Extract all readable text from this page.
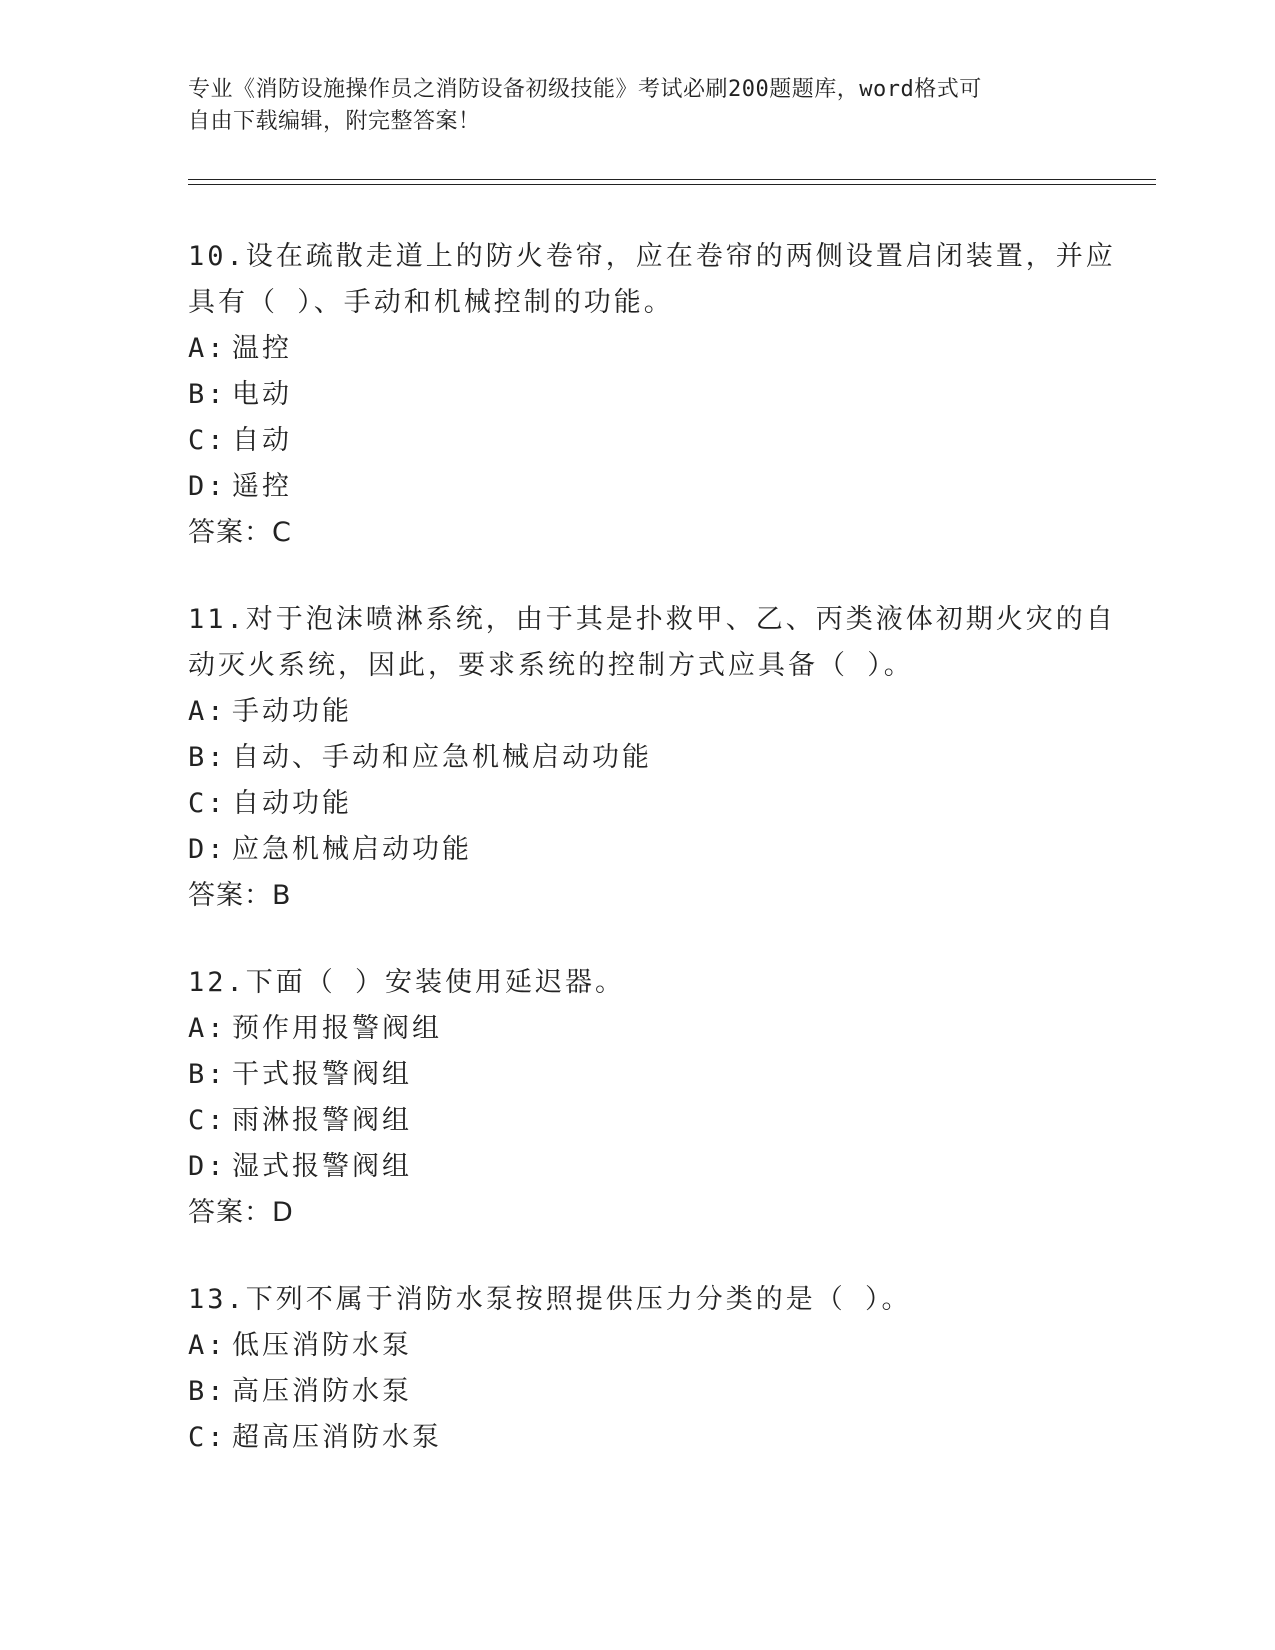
专业《消防设施操作员之消防设备初级技能》考试必刷200题题库，word格式可
自由下载编辑，附完整答案！
10.设在疏散走道上的防火卷帘，应在卷帘的两侧设置启闭装置，并应
具有（ ）、手动和机械控制的功能。
A: 温控
B: 电动
C: 自动
D: 遥控
答案：C
11.对于泡沫喷淋系统，由于其是扑救甲、乙、丙类液体初期火灾的自
动灭火系统，因此，要求系统的控制方式应具备（ ）。
A: 手动功能
B: 自动、手动和应急机械启动功能
C: 自动功能
D: 应急机械启动功能
答案：B
12.下面（ ）安装使用延迟器。
A: 预作用报警阀组
B: 干式报警阀组
C: 雨淋报警阀组
D: 湿式报警阀组
答案：D
13.下列不属于消防水泵按照提供压力分类的是（ ）。
A: 低压消防水泵
B: 高压消防水泵
C: 超高压消防水泵
